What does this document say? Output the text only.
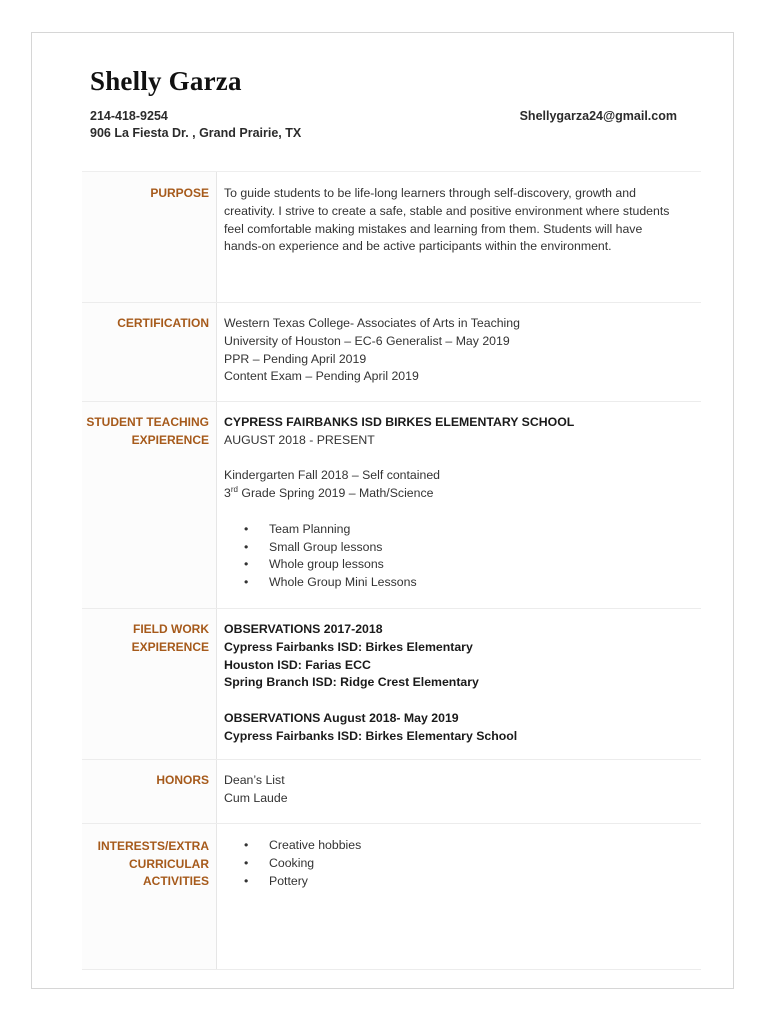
Shelly Garza
214-418-9254
906 La Fiesta Dr. , Grand Prairie, TX
Shellygarza24@gmail.com
PURPOSE To guide students to be life-long learners through self-discovery, growth and

creativity. I strive to create a safe, stable and positive environment where students

feel comfortable making mistakes and learning from them. Students will have

hands-on experience and be active participants within the environment.

CERTIFICATION Western Texas College- Associates of Arts in Teaching

University of Houston – EC-6 Generalist – May 2019

PPR – Pending April 2019

Content Exam – Pending April 2019

STUDENT TEACHING
EXPIERENCE

CYPRESS FAIRBANKS ISD BIRKES ELEMENTARY SCHOOL

AUGUST 2018 - PRESENT

Kindergarten Fall 2018 – Self contained

3rd Grade Spring 2019 – Math/Science

• Team Planning
• Small Group lessons
• Whole group lessons
• Whole Group Mini Lessons
FIELD WORK
EXPIERENCE

OBSERVATIONS 2017-2018

Cypress Fairbanks ISD: Birkes Elementary

Houston ISD: Farias ECC

Spring Branch ISD: Ridge Crest Elementary

OBSERVATIONS August 2018- May 2019

Cypress Fairbanks ISD: Birkes Elementary School

HONORS Dean’s List

Cum Laude

INTERESTS/EXTRA
CURRICULAR
ACTIVITIES
• Creative hobbies
• Cooking
• Pottery
